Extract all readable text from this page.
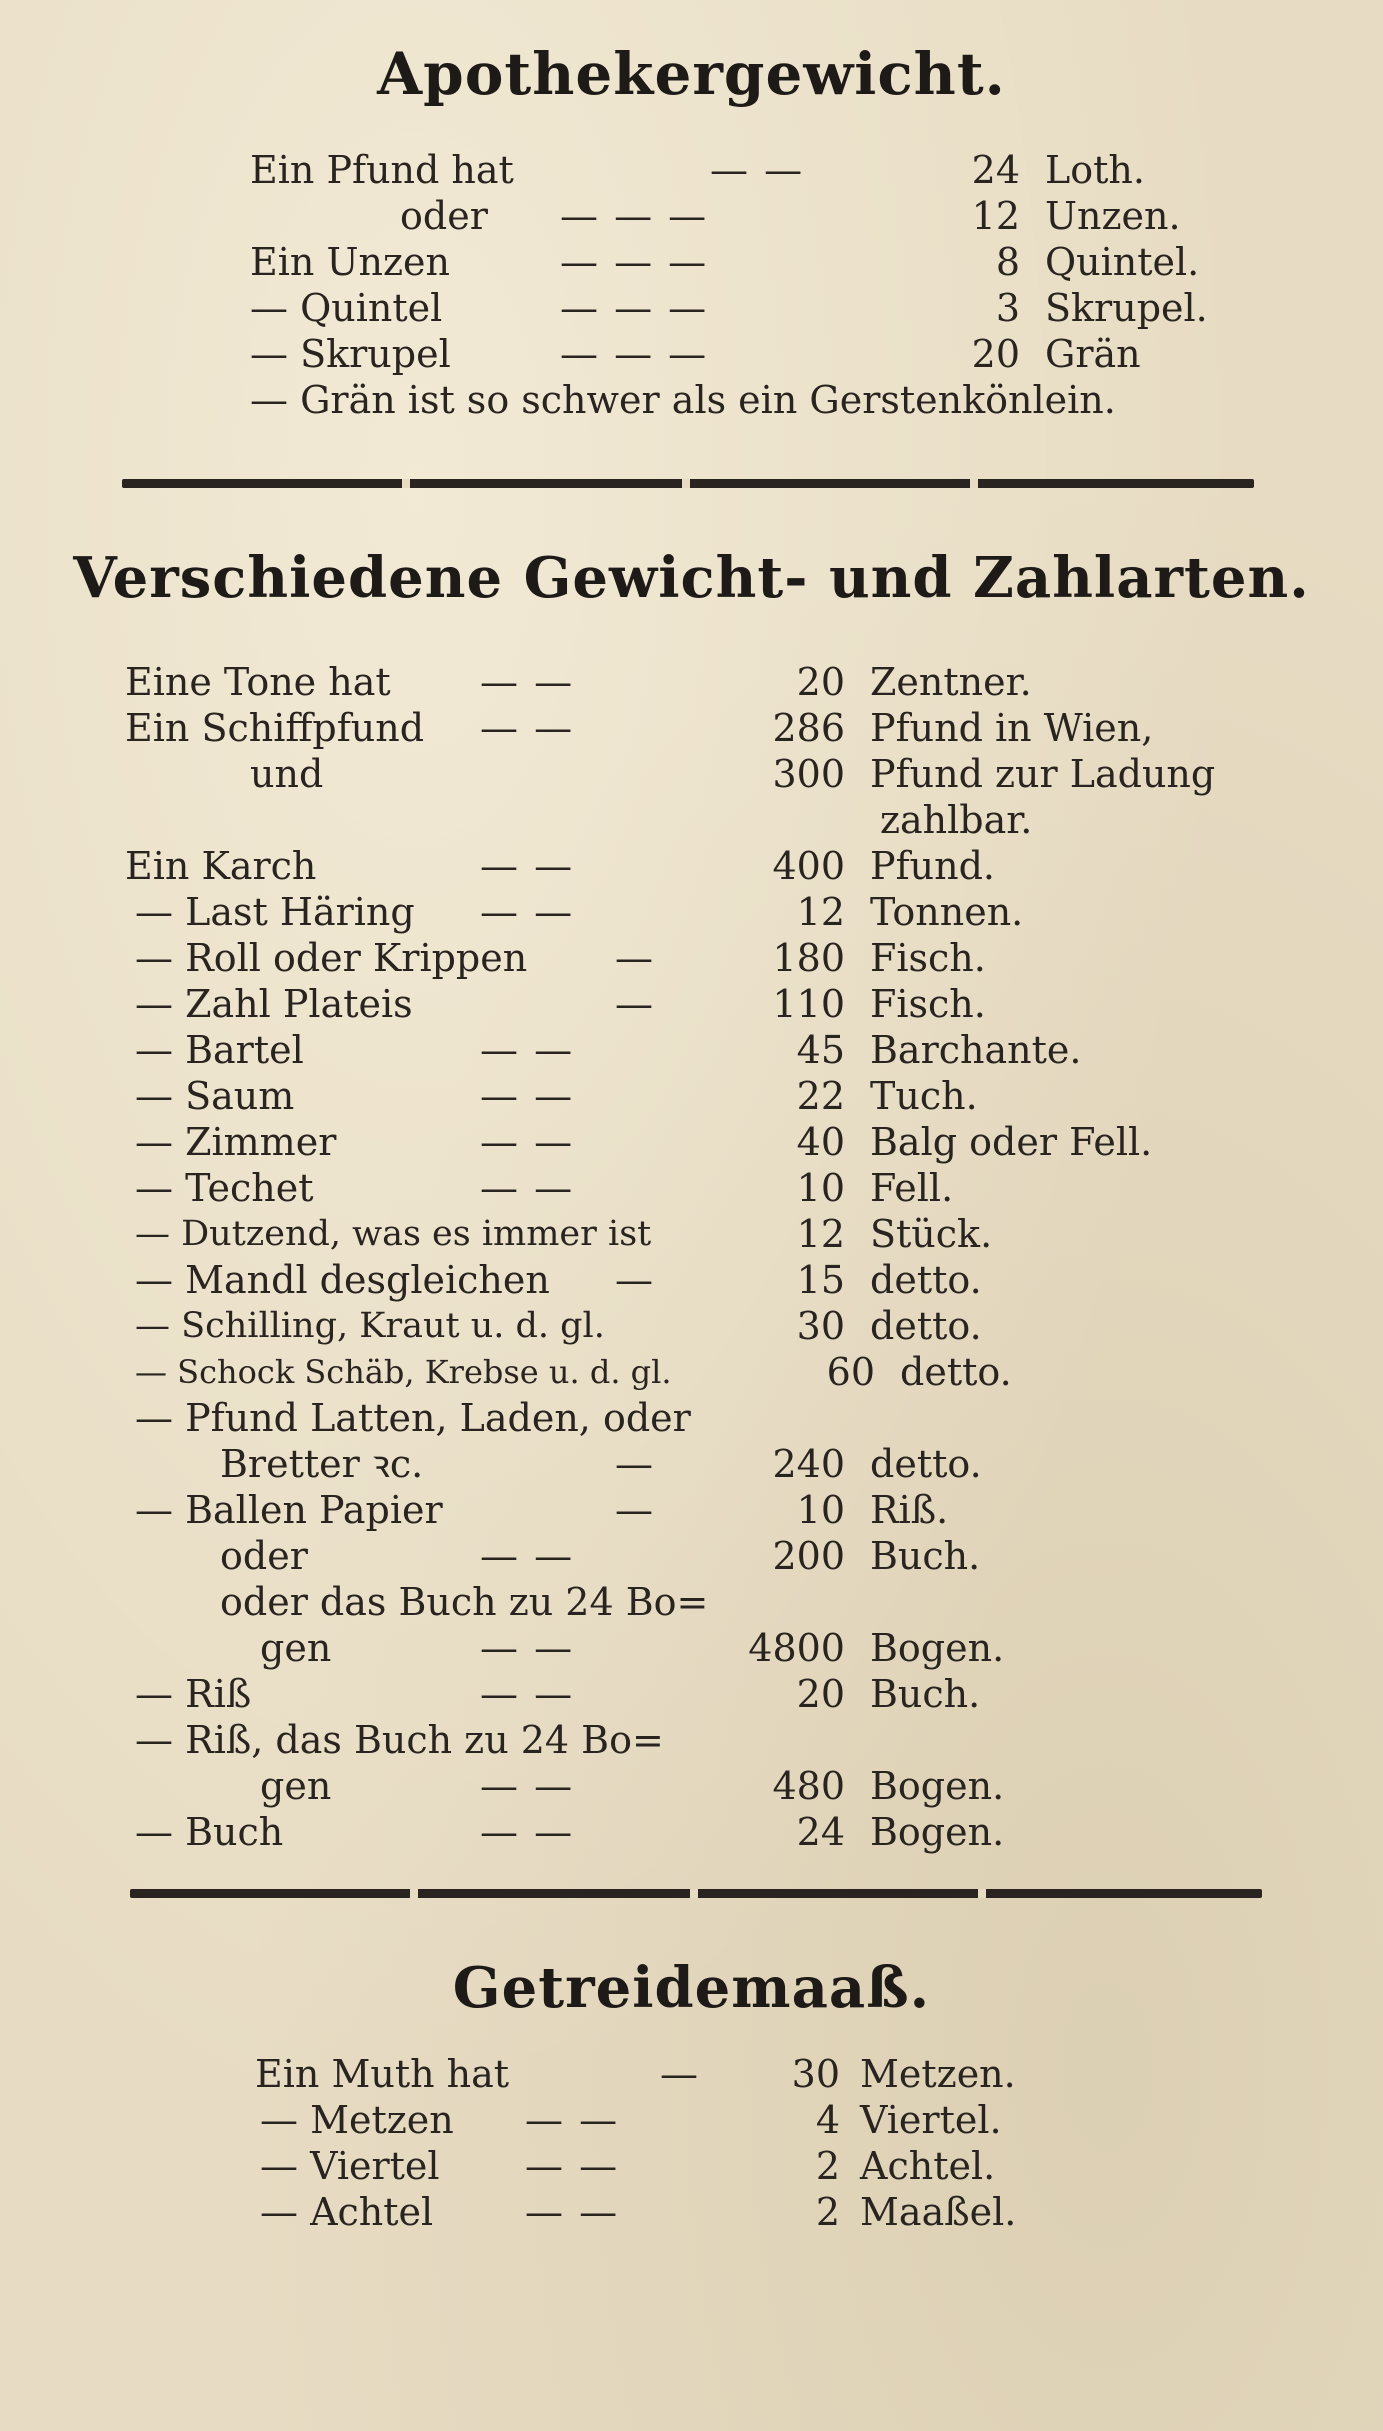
Apothekergewicht.
Ein Pfund hat	— —	24 Loth.
oder — — —	12 Unzen.
Ein Unzen	— — —	8 Quintel.
— Quintel	— — —	3 Skrupel.
— Skrupel	— — —	20 Grän
— Grän ist so schwer als ein Gerstenkönlein.
Verschiedene Gewicht- und Zahlarten.
Eine Tone hat — —	20 Zentner.
Ein Schiffpfund — —	286 Pfund in Wien,
und	300 Pfund zur Ladung
zahlbar.
Ein Karch	— —	400 Pfund.
— Last Häring — —	12 Tonnen.
— Roll oder Krippen —	180 Fisch.
— Zahl Plateis	—	110 Fisch.
— Bartel	— —	45 Barchante.
— Saum	— —	22 Tuch.
— Zimmer	— —	40 Balg oder Fell.
— Techet	— —	10 Fell.
— Dutzend, was es immer ist	12 Stück.
— Mandl desgleichen —	15 detto.
— Schilling, Kraut u. d. gl.	30 detto.
— Schock Schäb, Krebse u. d. gl.	60 detto.
— Pfund Latten, Laden, oder
Bretter ꝛc.	—	240 detto.
— Ballen Papier	—	10 Riß.
oder	— —	200 Buch.
oder das Buch zu 24 Bo=
gen	— —	4800 Bogen.
— Riß	— —	20 Buch.
— Riß, das Buch zu 24 Bo=
gen	— —	480 Bogen.
— Buch	— —	24 Bogen.
Getreidemaaß.
Ein Muth hat	—	30 Metzen.
— Metzen — —	4 Viertel.
— Viertel — —	2 Achtel.
— Achtel — —	2 Maaßel.
